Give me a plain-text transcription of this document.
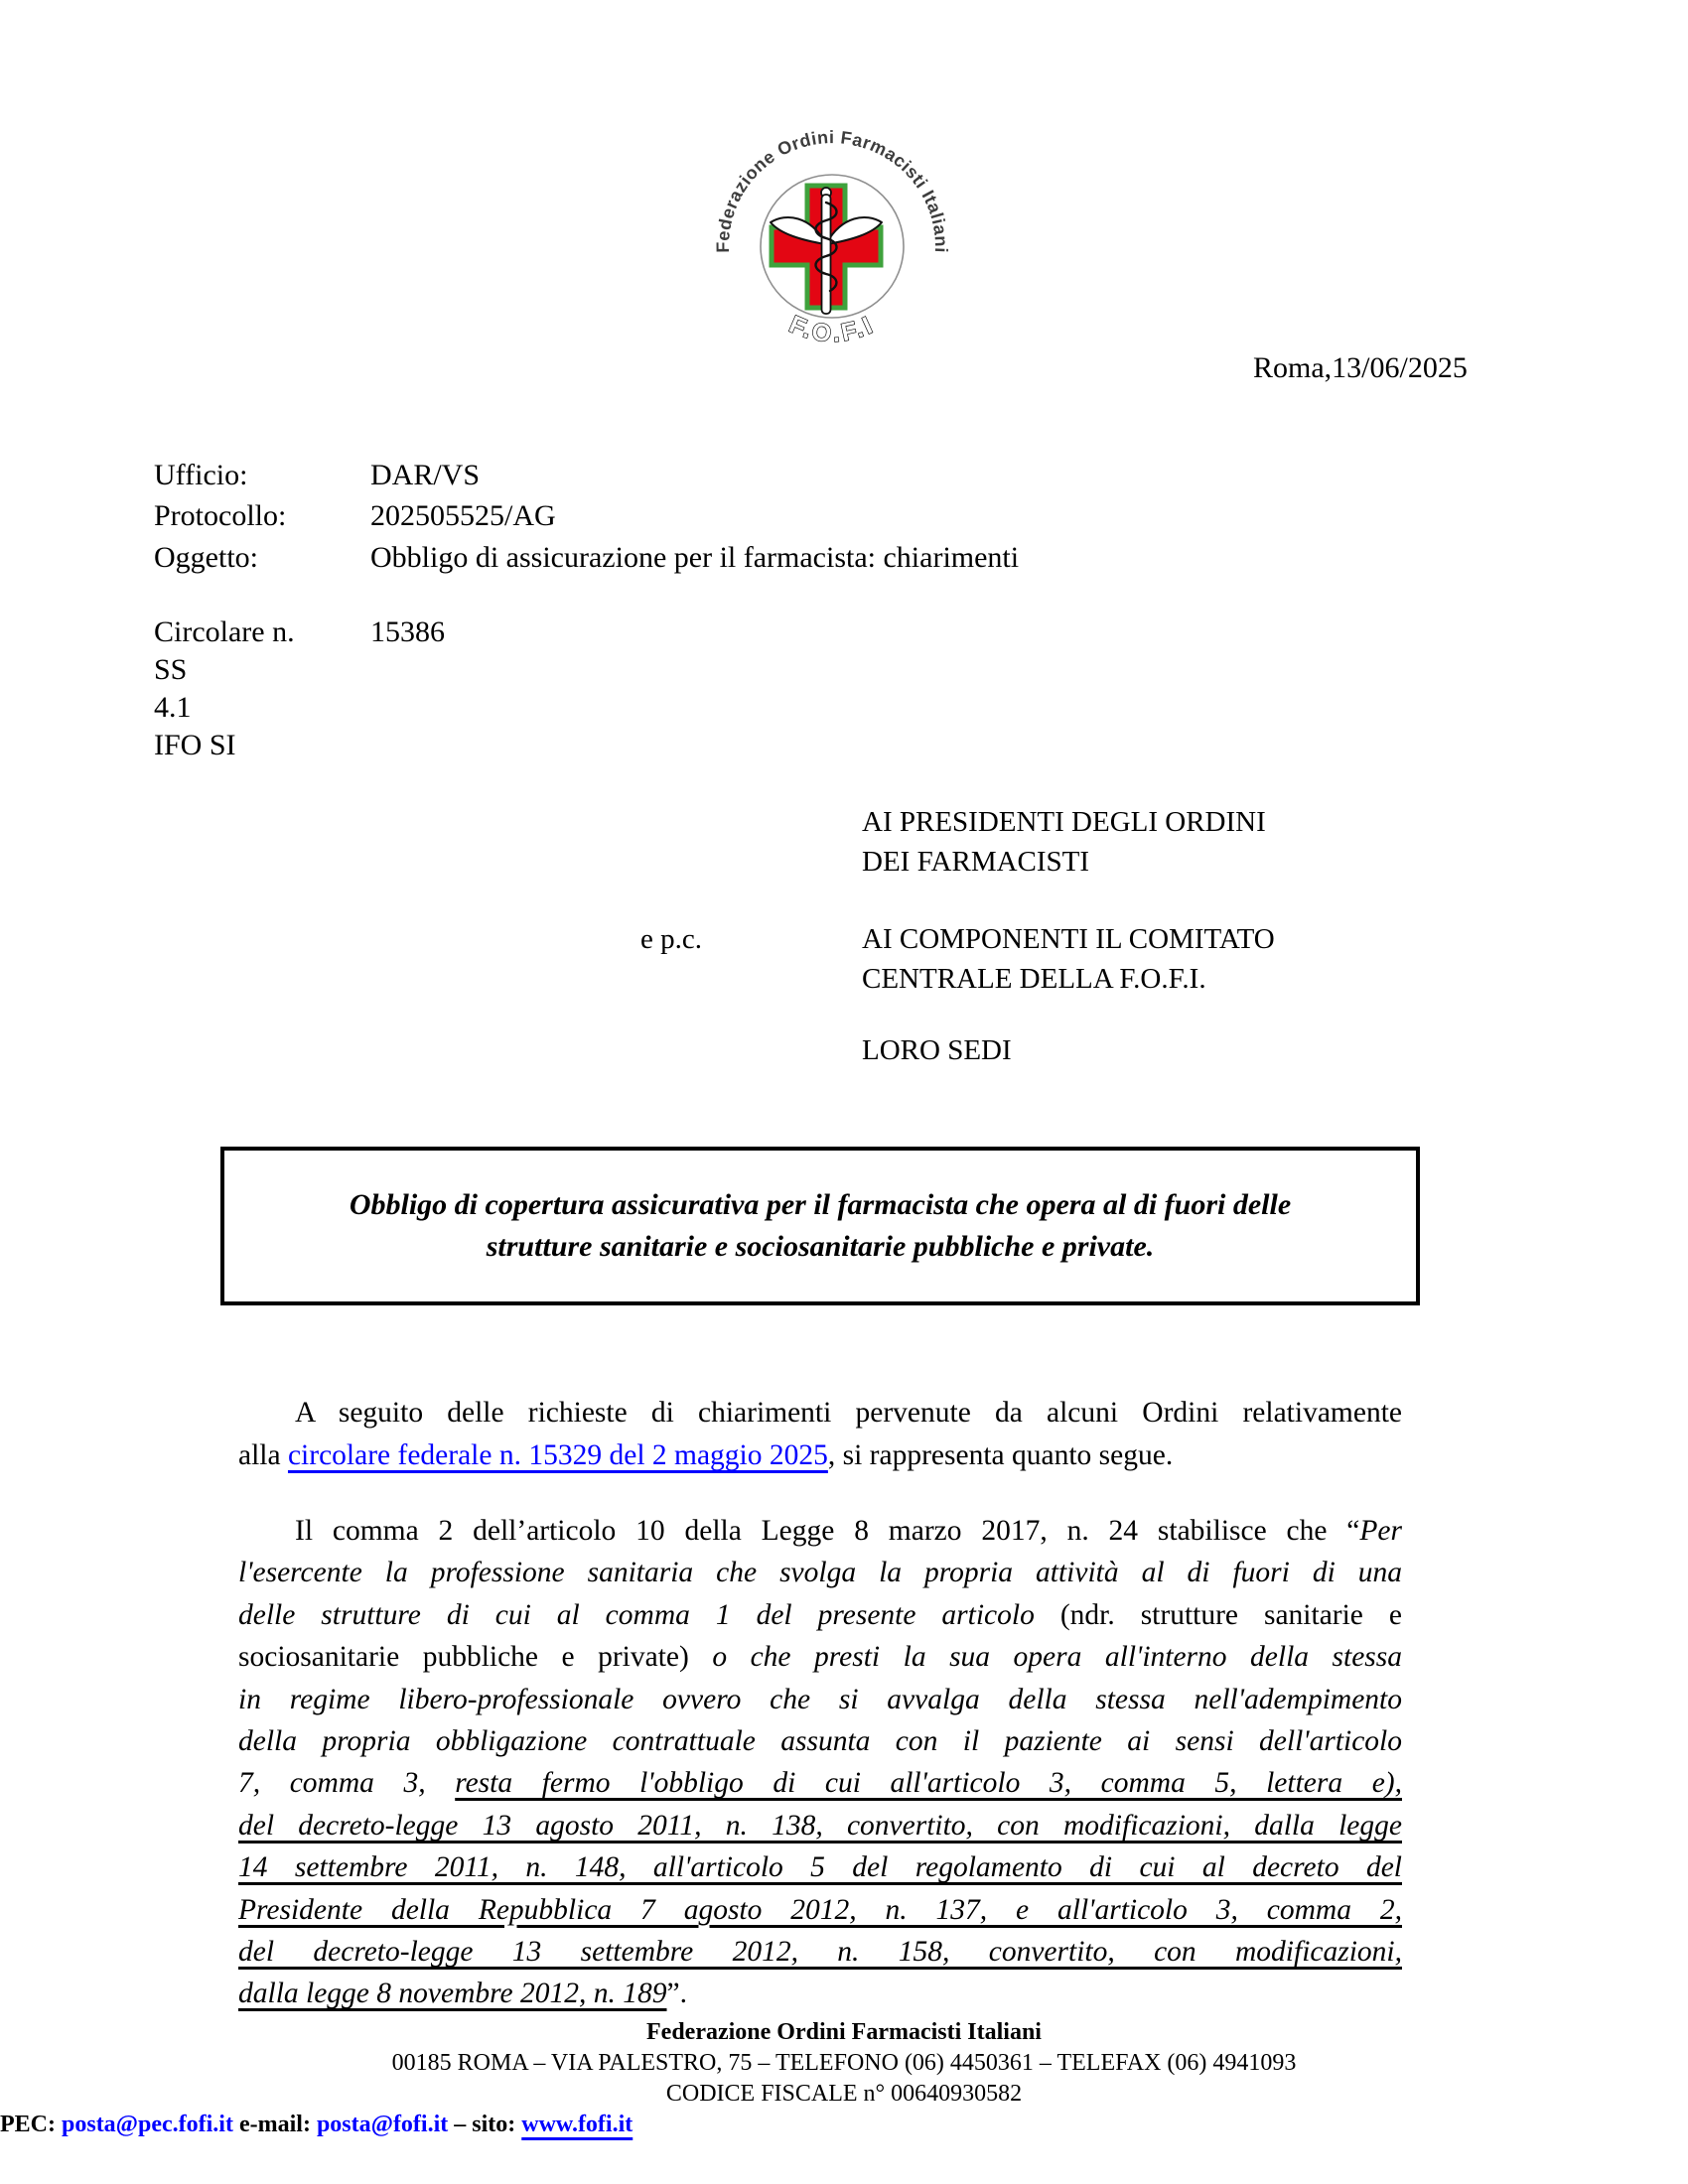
Federazione Ordini Farmacisti Italiani
F.O.F.I
Roma,13/06/2025
Ufficio:	DAR/VS
Protocollo:	202505525/AG
Oggetto:	Obbligo di assicurazione per il farmacista: chiarimenti
Circolare n.	15386
SS
4.1
IFO SI
AI PRESIDENTI DEGLI ORDINI
DEI FARMACISTI
e p.c.	AI COMPONENTI IL COMITATO
CENTRALE DELLA F.O.F.I.
LORO SEDI
Obbligo di copertura assicurativa per il farmacista che opera al di fuori delle
strutture sanitarie e sociosanitarie pubbliche e private.
A seguito delle richieste di chiarimenti pervenute da alcuni Ordini relativamente
alla circolare federale n. 15329 del 2 maggio 2025, si rappresenta quanto segue.
Il comma 2 dell’articolo 10 della Legge 8 marzo 2017, n. 24 stabilisce che “Per
l'esercente la professione sanitaria che svolga la propria attività al di fuori di una
delle strutture di cui al comma 1 del presente articolo (ndr. strutture sanitarie e
sociosanitarie pubbliche e private) o che presti la sua opera all'interno della stessa
in regime libero-professionale ovvero che si avvalga della stessa nell'adempimento
della propria obbligazione contrattuale assunta con il paziente ai sensi dell'articolo
7, comma 3, resta fermo l'obbligo di cui all'articolo 3, comma 5, lettera e),
del decreto-legge 13 agosto 2011, n. 138, convertito, con modificazioni, dalla legge
14 settembre 2011, n. 148, all'articolo 5 del regolamento di cui al decreto del
Presidente della Repubblica 7 agosto 2012, n. 137, e all'articolo 3, comma 2,
del decreto-legge 13 settembre 2012, n. 158, convertito, con modificazioni,
dalla legge 8 novembre 2012, n. 189”.
Federazione Ordini Farmacisti Italiani
00185 ROMA – VIA PALESTRO, 75 – TELEFONO (06) 4450361 – TELEFAX (06) 4941093
CODICE FISCALE n° 00640930582
PEC: posta@pec.fofi.it e-mail: posta@fofi.it – sito: www.fofi.it
